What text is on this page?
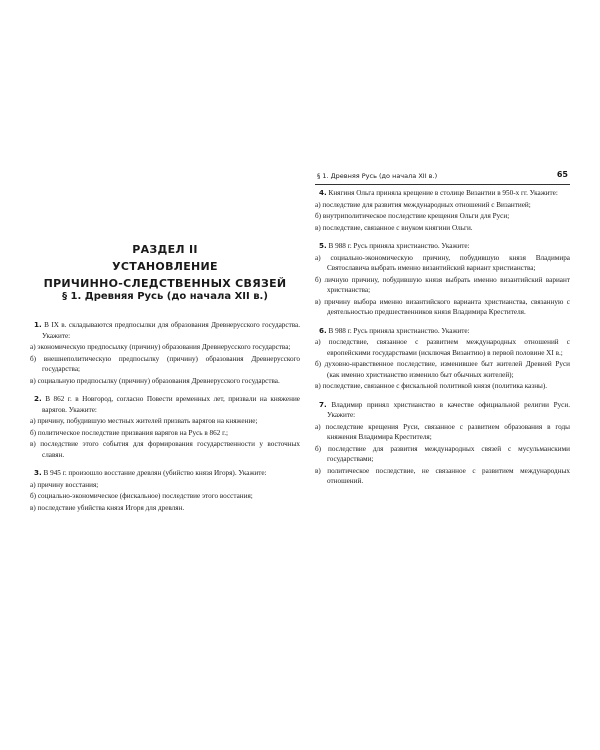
РАЗДЕЛ II
УСТАНОВЛЕНИЕ
ПРИЧИННО-СЛЕДСТВЕННЫХ СВЯЗЕЙ
§ 1. Древняя Русь (до начала XII в.)
1. В IX в. складываются предпосылки для образования Древнерусского государства. Укажите:
а) экономическую предпосылку (причину) образования Древнерусского государства;
б) внешнеполитическую предпосылку (причину) образования Древнерусского государства;
в) социальную предпосылку (причину) образования Древнерусского государства.
2. В 862 г. в Новгород, согласно Повести временных лет, призвали на княжение варягов. Укажите:
а) причину, побудившую местных жителей призвать варягов на княжение;
б) политическое последствие призвания варягов на Русь в 862 г.;
в) последствие этого события для формирования государственности у восточных славян.
3. В 945 г. произошло восстание древлян (убийство князя Игоря). Укажите:
а) причину восстания;
б) социально-экономическое (фискальное) последствие этого восстания;
в) последствие убийства князя Игоря для древлян.
§ 1. Древняя Русь (до начала XII в.)	65
4. Княгиня Ольга приняла крещение в столице Византии в 950-х гг. Укажите:
а) последствие для развития международных отношений с Византией;
б) внутриполитическое последствие крещения Ольги для Руси;
в) последствие, связанное с внуком княгини Ольги.
5. В 988 г. Русь приняла христианство. Укажите:
а) социально-экономическую причину, побудившую князя Владимира Святославича выбрать именно византийский вариант христианства;
б) личную причину, побудившую князя выбрать именно византийский вариант христианства;
в) причину выбора именно византийского варианта христианства, связанную с деятельностью предшественников князя Владимира Крестителя.
6. В 988 г. Русь приняла христианство. Укажите:
а) последствие, связанное с развитием международных отношений с европейскими государствами (исключая Византию) в первой половине XI в.;
б) духовно-нравственное последствие, изменившее быт жителей Древней Руси (как именно христианство изменило быт обычных жителей);
в) последствие, связанное с фискальной политикой князя (политика казны).
7. Владимир принял христианство в качестве официальной религии Руси. Укажите:
а) последствие крещения Руси, связанное с развитием образования в годы княжения Владимира Крестителя;
б) последствие для развития международных связей с мусульманскими государствами;
в) политическое последствие, не связанное с развитием международных отношений.
